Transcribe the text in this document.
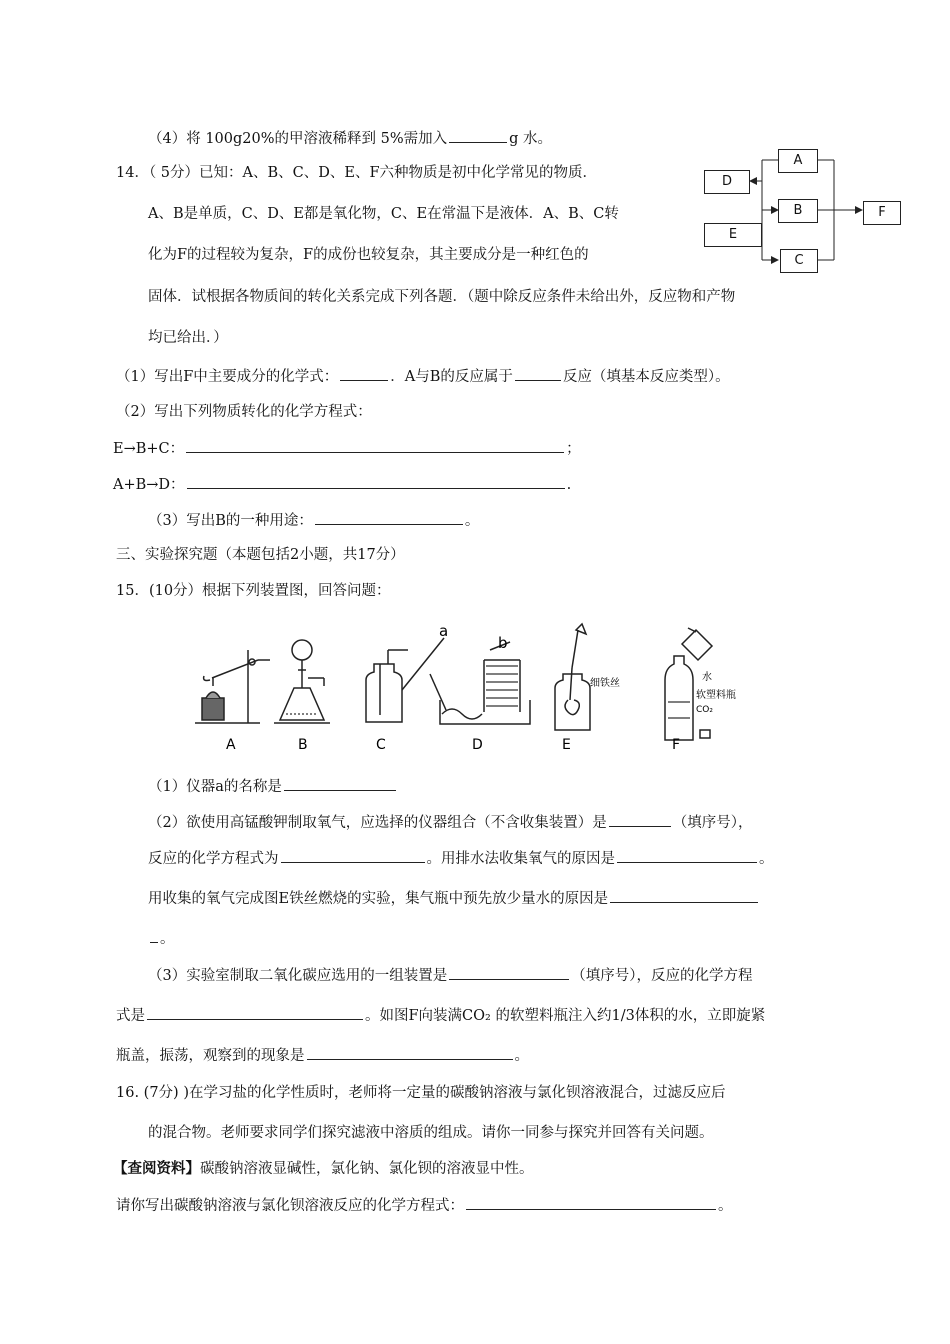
（4）将 100g20%的甲溶液稀释到 5%需加入	g 水。
14．（ 5分）已知：A、B、C、D、E、F六种物质是初中化学常见的物质．
A、B是单质，C、D、E都是氧化物，C、E在常温下是液体．A、B、C转
化为F的过程较为复杂，F的成份也较复杂，其主要成分是一种红色的
固体．试根据各物质间的转化关系完成下列各题．（题中除反应条件未给出外，反应物和产物
均已给出．）
A
D
B	F
E
C
（1）写出F中主要成分的化学式：	．A与B的反应属于	反应（填基本反应类型）。
（2）写出下列物质转化的化学方程式：
E→B+C：	；
A+B→D：	.
（3）写出B的一种用途：	。
三、实验探究题（本题包括2小题，共17分）
15．(10分）根据下列装置图，回答问题：
a
b
细铁丝
水
软塑料瓶
CO₂
A	B	C	D	E	F
（1）仪器a的名称是
（2）欲使用高锰酸钾制取氧气，应选择的仪器组合（不含收集装置）是	（填序号），
反应的化学方程式为	。用排水法收集氧气的原因是	。
用收集的氧气完成图E铁丝燃烧的实验，集气瓶中预先放少量水的原因是
。
（3）实验室制取二氧化碳应选用的一组装置是	（填序号），反应的化学方程
式是	。如图F向装满CO₂ 的软塑料瓶注入约1/3体积的水，立即旋紧
瓶盖，振荡，观察到的现象是	。
16. (7分) )在学习盐的化学性质时，老师将一定量的碳酸钠溶液与氯化钡溶液混合，过滤反应后
的混合物。老师要求同学们探究滤液中溶质的组成。请你一同参与探究并回答有关问题。
【查阅资料】碳酸钠溶液显碱性，氯化钠、氯化钡的溶液显中性。
请你写出碳酸钠溶液与氯化钡溶液反应的化学方程式：	。
